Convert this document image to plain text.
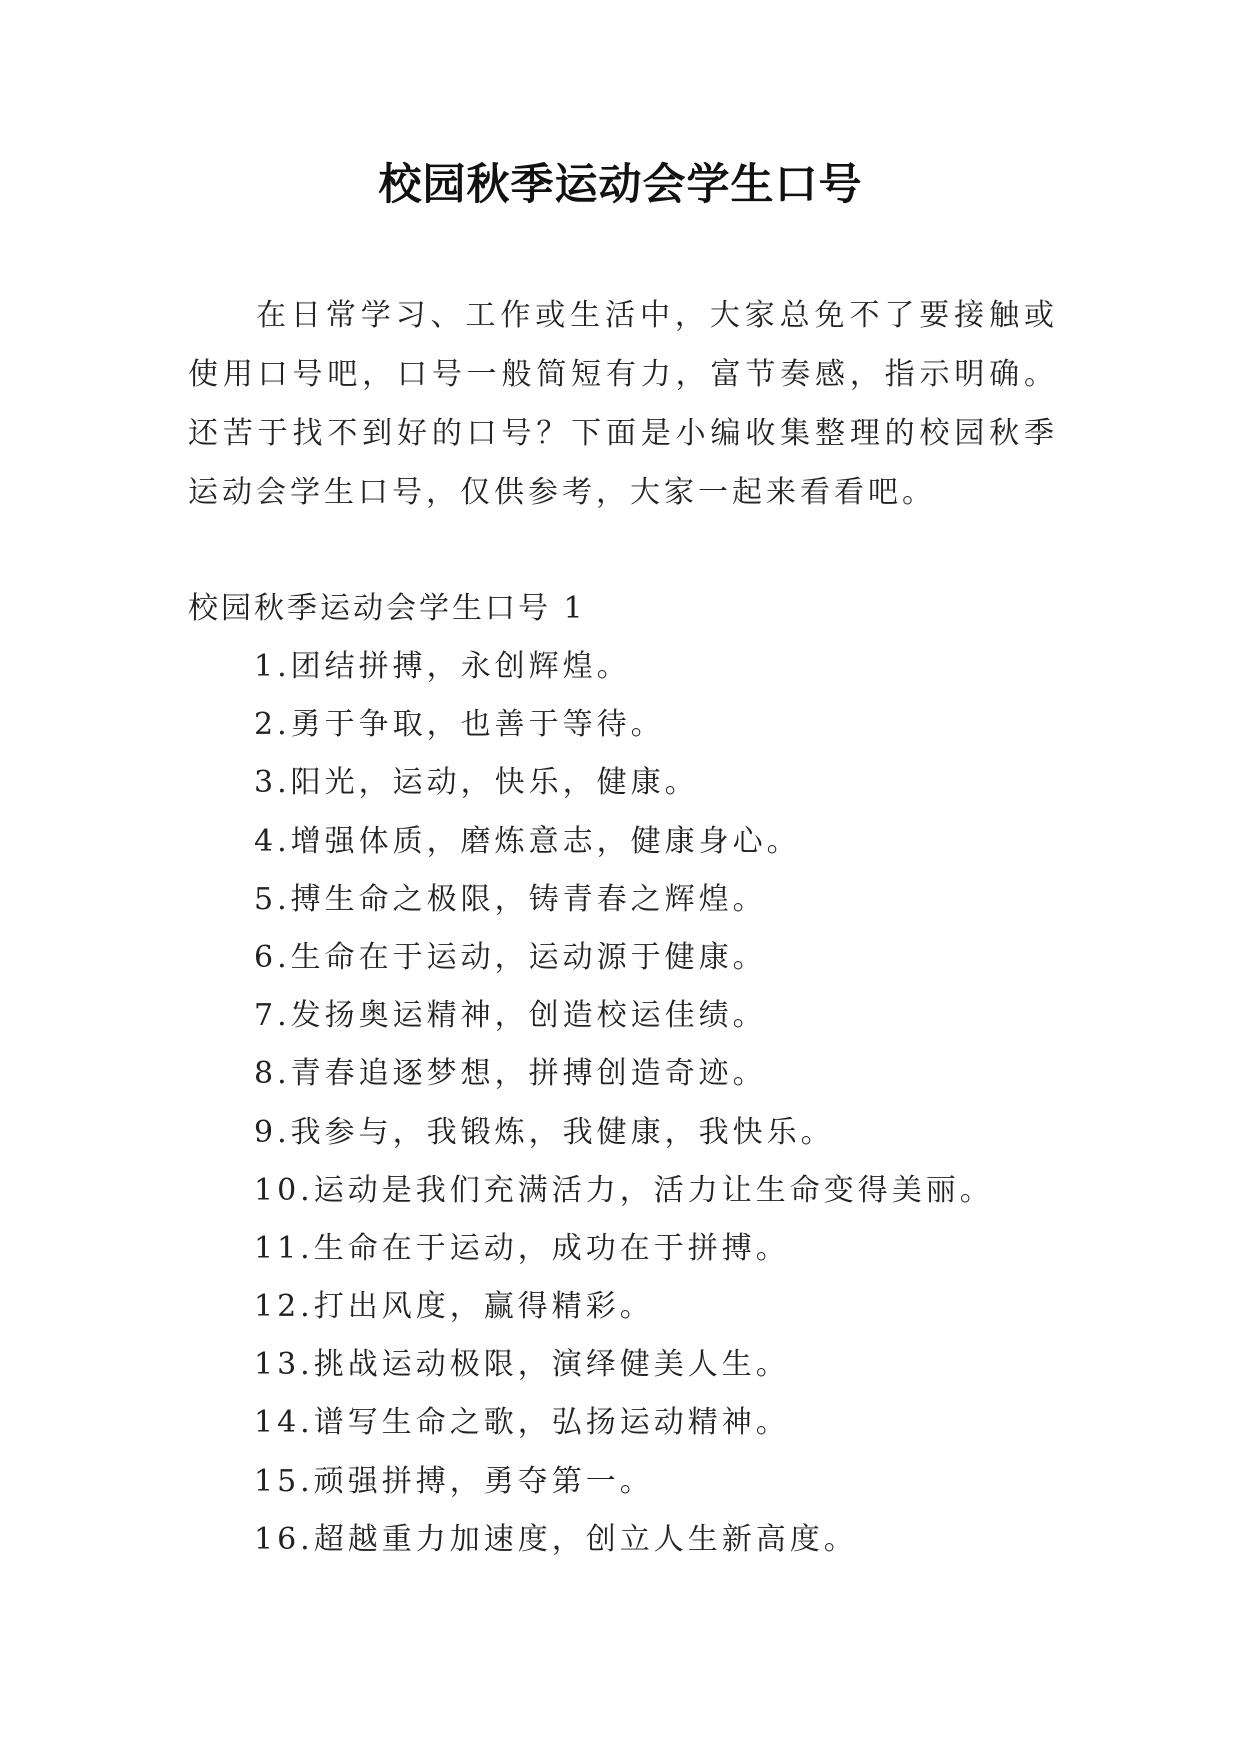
校园秋季运动会学生口号

在日常学习、工作或生活中，大家总免不了要接触或使用口号吧，口号一般简短有力，富节奏感，指示明确。还苦于找不到好的口号？下面是小编收集整理的校园秋季运动会学生口号，仅供参考，大家一起来看看吧。

校园秋季运动会学生口号 1

1.团结拼搏，永创辉煌。
2.勇于争取，也善于等待。
3.阳光，运动，快乐，健康。
4.增强体质，磨炼意志，健康身心。
5.搏生命之极限，铸青春之辉煌。
6.生命在于运动，运动源于健康。
7.发扬奥运精神，创造校运佳绩。
8.青春追逐梦想，拼搏创造奇迹。
9.我参与，我锻炼，我健康，我快乐。
10.运动是我们充满活力，活力让生命变得美丽。
11.生命在于运动，成功在于拼搏。
12.打出风度，赢得精彩。
13.挑战运动极限，演绎健美人生。
14.谱写生命之歌，弘扬运动精神。
15.顽强拼搏，勇夺第一。
16.超越重力加速度，创立人生新高度。
